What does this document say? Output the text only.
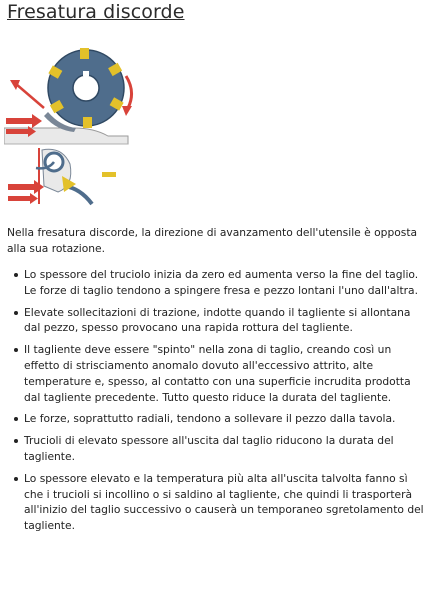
Fresatura discorde

Nella fresatura discorde, la direzione di avanzamento dell'utensile è opposta alla sua rotazione.

Lo spessore del truciolo inizia da zero ed aumenta verso la fine del taglio. Le forze di taglio tendono a spingere fresa e pezzo lontani l'uno dall'altra.
Elevate sollecitazioni di trazione, indotte quando il tagliente si allontana dal pezzo, spesso provocano una rapida rottura del tagliente.
Il tagliente deve essere "spinto" nella zona di taglio, creando così un effetto di strisciamento anomalo dovuto all'eccessivo attrito, alte temperature e, spesso, al contatto con una superficie incrudita prodotta dal tagliente precedente. Tutto questo riduce la durata del tagliente.
Le forze, soprattutto radiali, tendono a sollevare il pezzo dalla tavola.
Trucioli di elevato spessore all'uscita dal taglio riducono la durata del tagliente.
Lo spessore elevato e la temperatura più alta all'uscita talvolta fanno sì che i trucioli si incollino o si saldino al tagliente, che quindi li trasporterà all'inizio del taglio successivo o causerà un temporaneo sgretolamento del tagliente.
